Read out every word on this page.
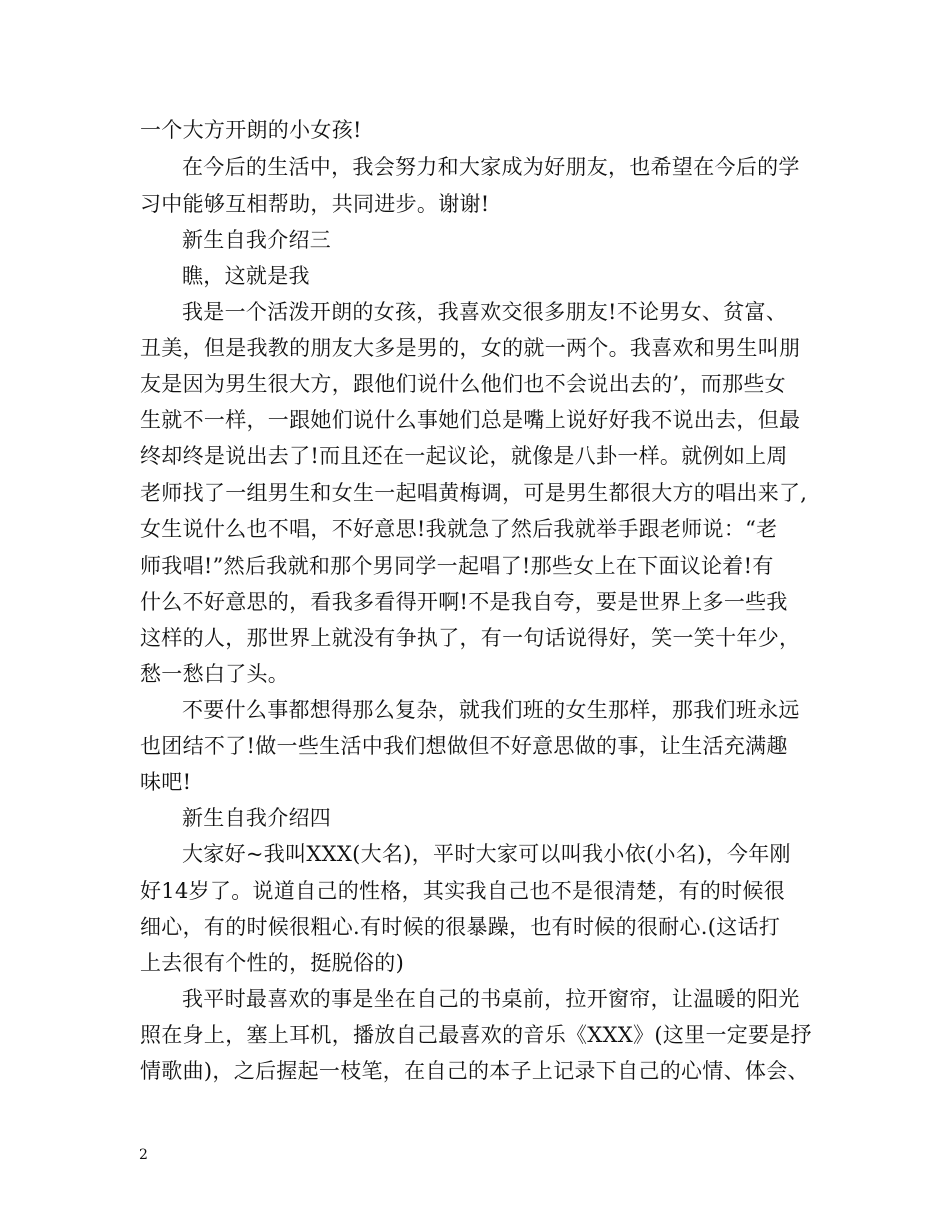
一个大方开朗的小女孩!
在今后的生活中，我会努力和大家成为好朋友，也希望在今后的学
习中能够互相帮助，共同进步。谢谢!
新生自我介绍三
瞧，这就是我
我是一个活泼开朗的女孩，我喜欢交很多朋友!不论男女、贫富、
丑美，但是我教的朋友大多是男的，女的就一两个。我喜欢和男生叫朋
友是因为男生很大方，跟他们说什么他们也不会说出去的’，而那些女
生就不一样，一跟她们说什么事她们总是嘴上说好好我不说出去，但最
终却终是说出去了!而且还在一起议论，就像是八卦一样。就例如上周
老师找了一组男生和女生一起唱黄梅调，可是男生都很大方的唱出来了,
女生说什么也不唱，不好意思!我就急了然后我就举手跟老师说：“老
师我唱!”然后我就和那个男同学一起唱了!那些女上在下面议论着!有
什么不好意思的，看我多看得开啊!不是我自夸，要是世界上多一些我
这样的人，那世界上就没有争执了，有一句话说得好，笑一笑十年少，
愁一愁白了头。
不要什么事都想得那么复杂，就我们班的女生那样，那我们班永远
也团结不了!做一些生活中我们想做但不好意思做的事，让生活充满趣
味吧!
新生自我介绍四
大家好~我叫XXX(大名)，平时大家可以叫我小依(小名)，今年刚
好14岁了。说道自己的性格，其实我自己也不是很清楚，有的时候很
细心，有的时候很粗心.有时候的很暴躁，也有时候的很耐心.(这话打
上去很有个性的，挺脱俗的)
我平时最喜欢的事是坐在自己的书桌前，拉开窗帘，让温暖的阳光
照在身上，塞上耳机，播放自己最喜欢的音乐《XXX》(这里一定要是抒
情歌曲)，之后握起一枝笔，在自己的本子上记录下自己的心情、体会、
2
